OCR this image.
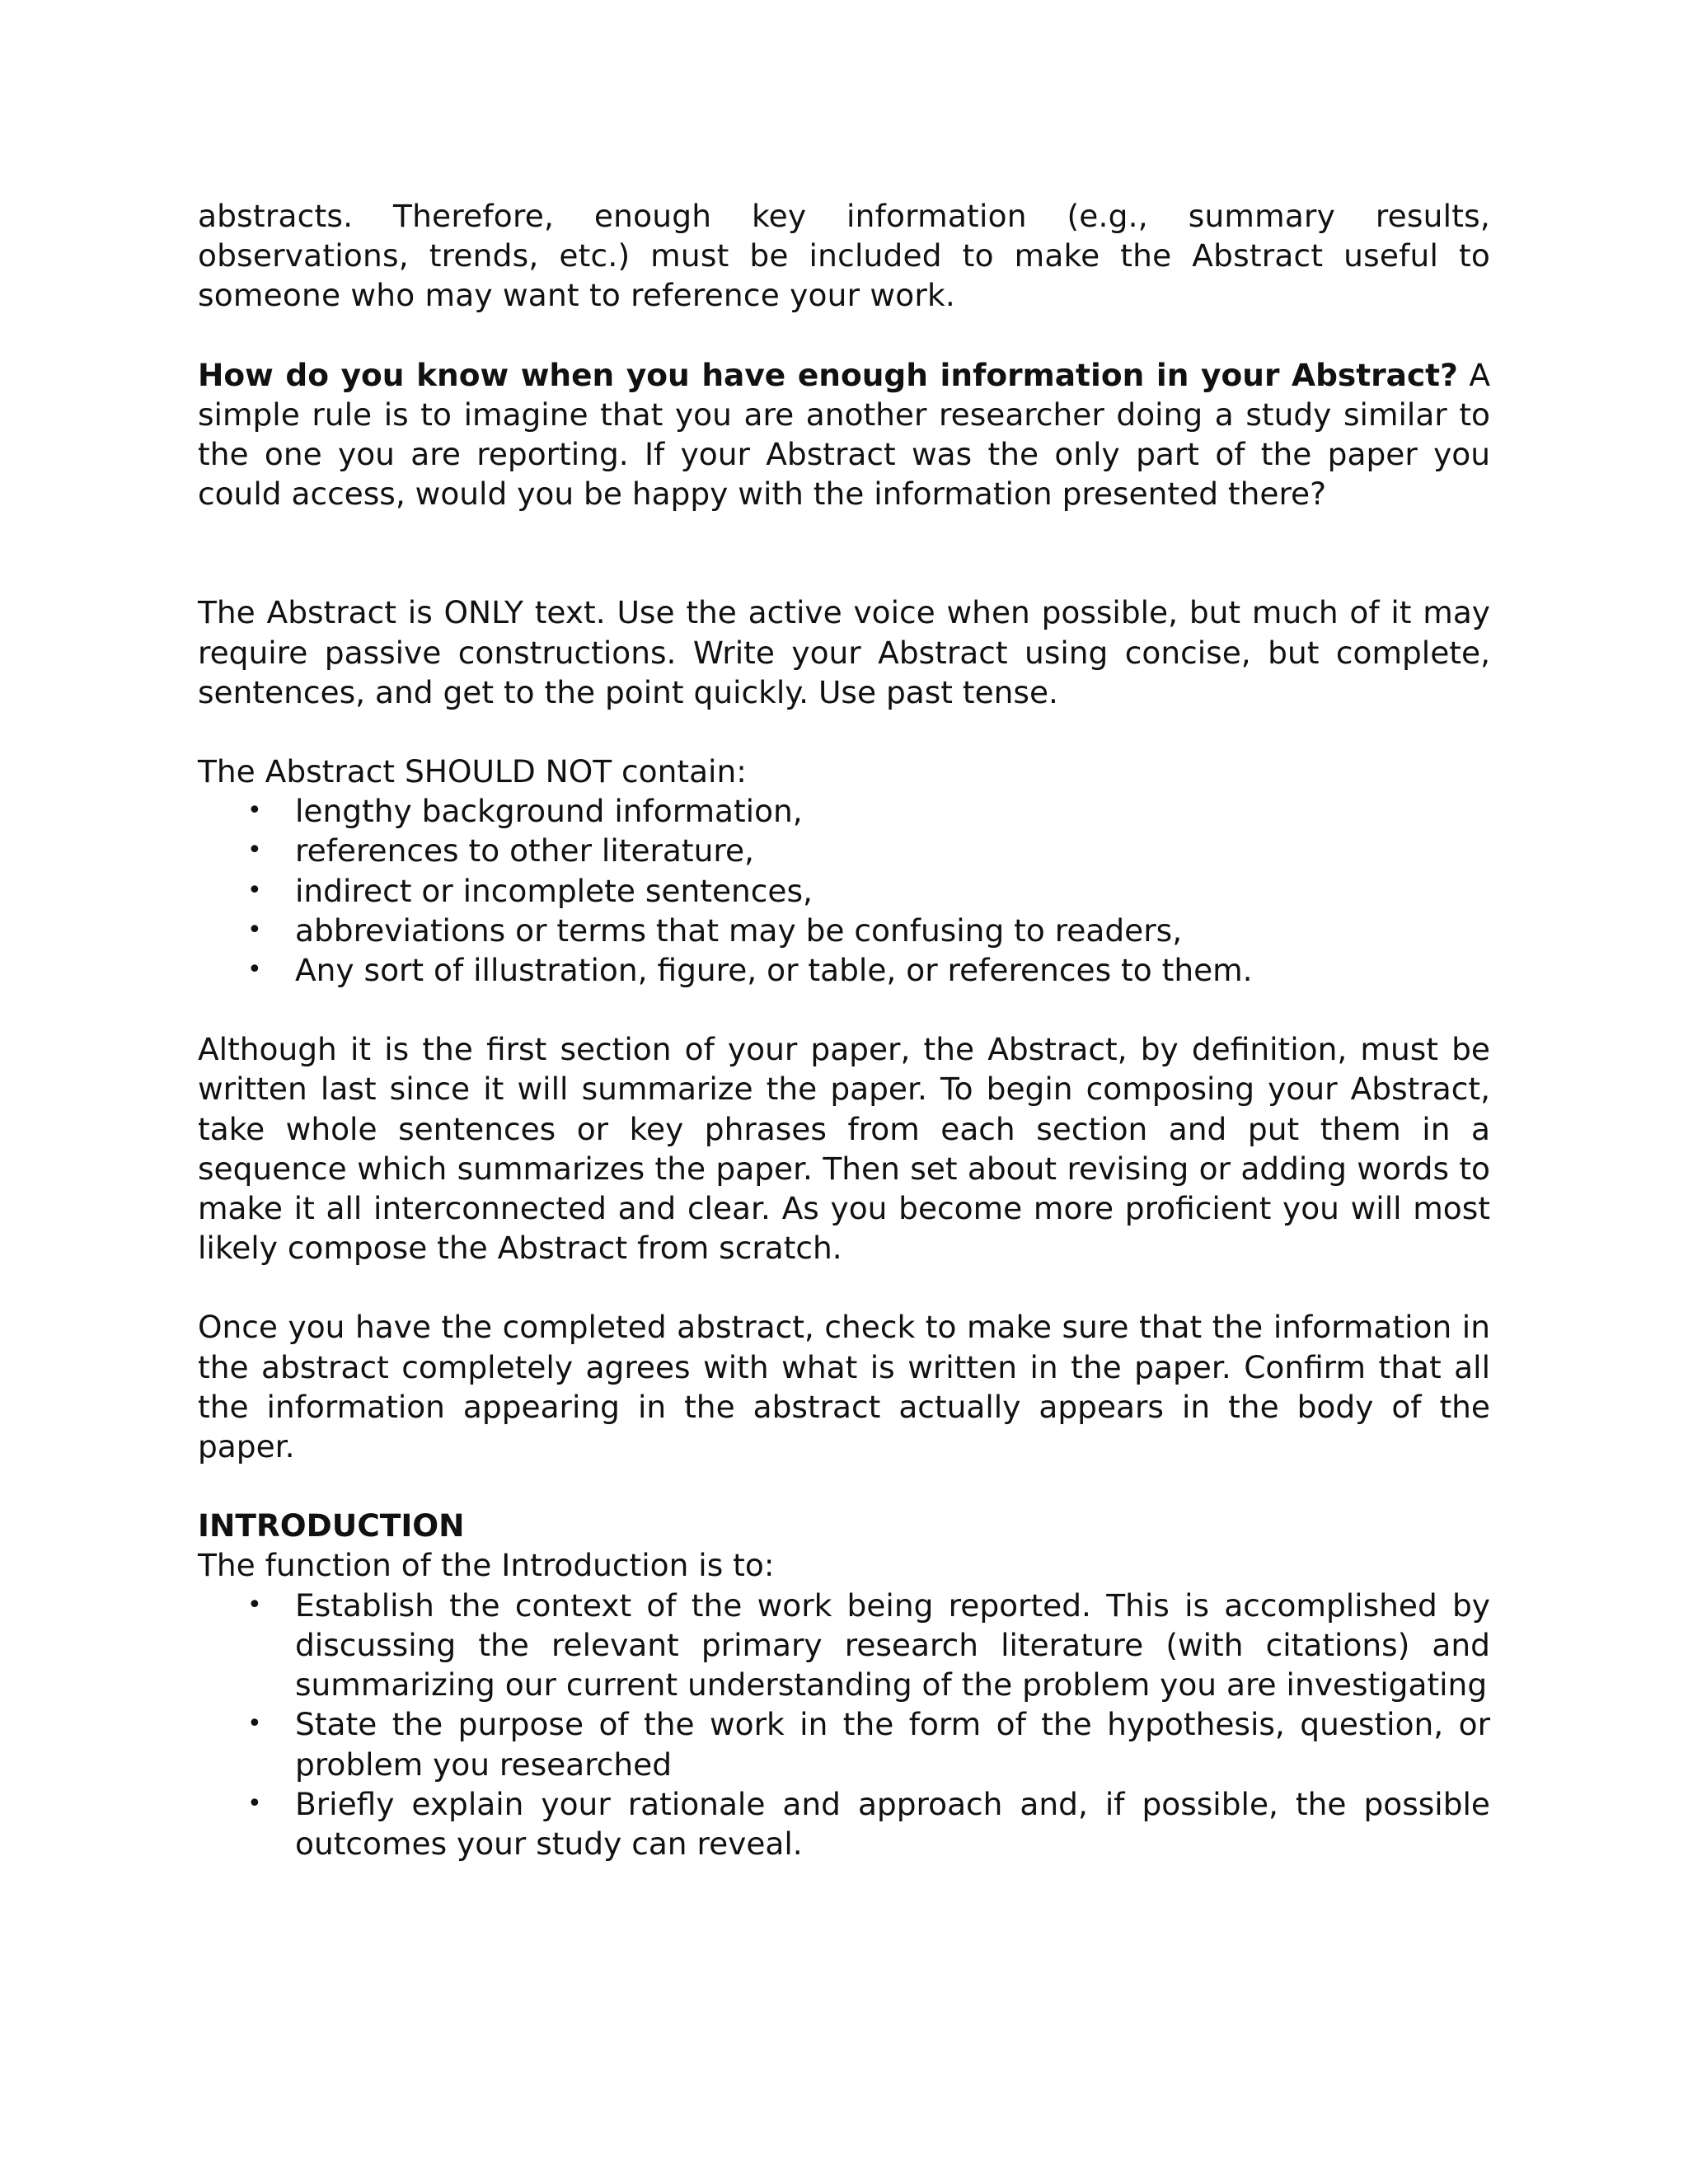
abstracts. Therefore, enough key information (e.g., summary results, observations, trends, etc.) must be included to make the Abstract useful to someone who may want to reference your work.

How do you know when you have enough information in your Abstract? A simple rule is to imagine that you are another researcher doing a study similar to the one you are reporting. If your Abstract was the only part of the paper you could access, would you be happy with the information presented there?

The Abstract is ONLY text. Use the active voice when possible, but much of it may require passive constructions. Write your Abstract using concise, but complete, sentences, and get to the point quickly. Use past tense.

The Abstract SHOULD NOT contain:

• lengthy background information,
• references to other literature,
• indirect or incomplete sentences,
• abbreviations or terms that may be confusing to readers,
• Any sort of illustration, figure, or table, or references to them.

Although it is the first section of your paper, the Abstract, by definition, must be written last since it will summarize the paper. To begin composing your Abstract, take whole sentences or key phrases from each section and put them in a sequence which summarizes the paper. Then set about revising or adding words to make it all interconnected and clear. As you become more proficient you will most likely compose the Abstract from scratch.

Once you have the completed abstract, check to make sure that the information in the abstract completely agrees with what is written in the paper. Confirm that all the information appearing in the abstract actually appears in the body of the paper.

INTRODUCTION

The function of the Introduction is to:

• Establish the context of the work being reported. This is accomplished by discussing the relevant primary research literature (with citations) and summarizing our current understanding of the problem you are investigating
• State the purpose of the work in the form of the hypothesis, question, or problem you researched
• Briefly explain your rationale and approach and, if possible, the possible outcomes your study can reveal.
